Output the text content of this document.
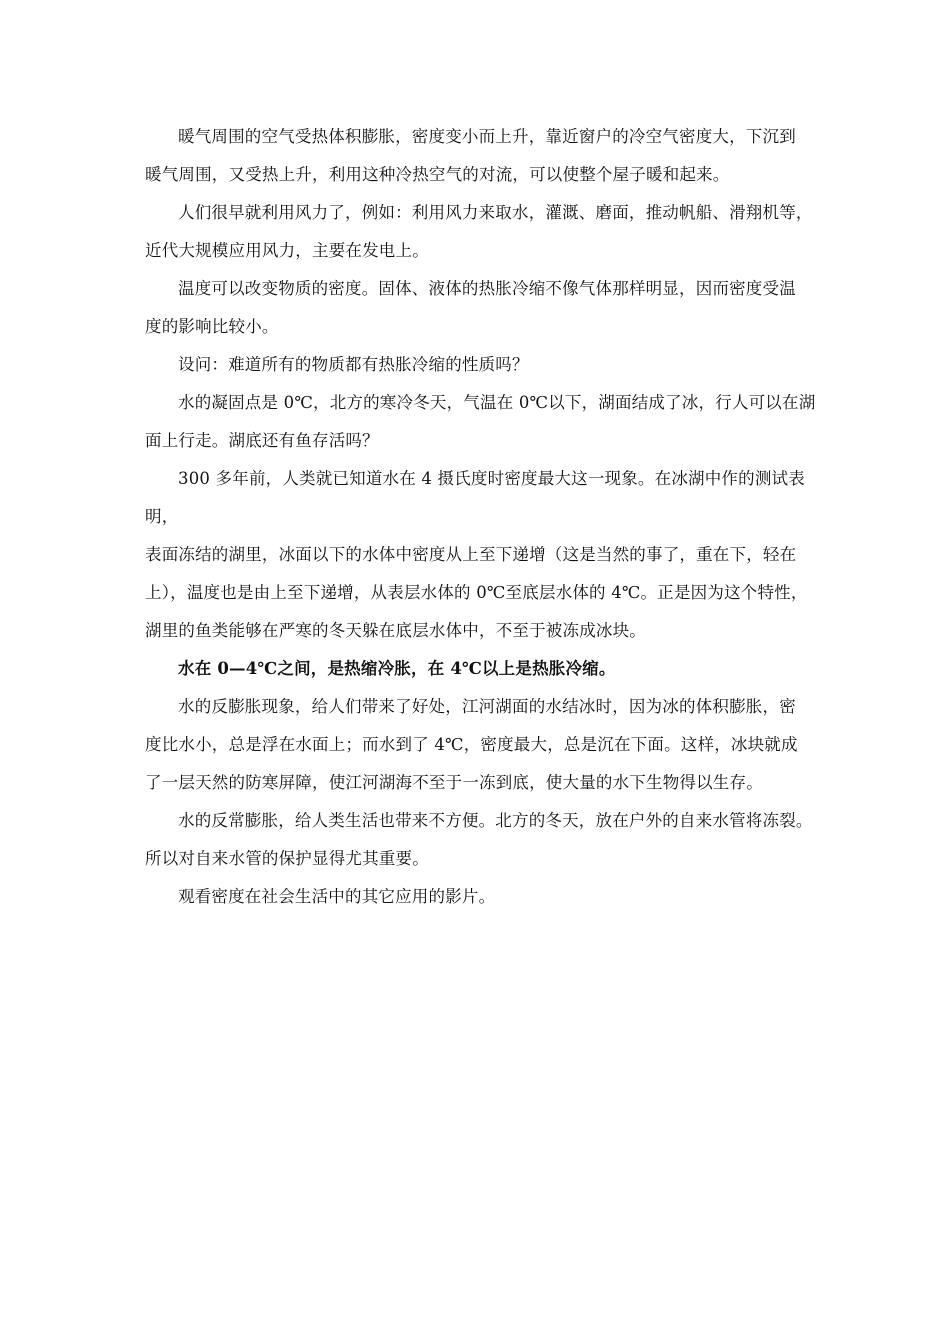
暖气周围的空气受热体积膨胀，密度变小而上升，靠近窗户的冷空气密度大，下沉到
暖气周围，又受热上升，利用这种冷热空气的对流，可以使整个屋子暖和起来。

人们很早就利用风力了，例如：利用风力来取水，灌溉、磨面，推动帆船、滑翔机等，
近代大规模应用风力，主要在发电上。

温度可以改变物质的密度。固体、液体的热胀冷缩不像气体那样明显，因而密度受温
度的影响比较小。

设问：难道所有的物质都有热胀冷缩的性质吗？

水的凝固点是 0℃，北方的寒冷冬天，气温在 0℃以下，湖面结成了冰，行人可以在湖
面上行走。湖底还有鱼存活吗？

300 多年前，人类就已知道水在 4 摄氏度时密度最大这一现象。在冰湖中作的测试表明，
表面冻结的湖里，冰面以下的水体中密度从上至下递增（这是当然的事了，重在下，轻在
上），温度也是由上至下递增，从表层水体的 0℃至底层水体的 4℃。正是因为这个特性，
湖里的鱼类能够在严寒的冬天躲在底层水体中，不至于被冻成冰块。

水在 0—4℃之间，是热缩冷胀，在 4℃以上是热胀冷缩。

水的反膨胀现象，给人们带来了好处，江河湖面的水结冰时，因为冰的体积膨胀，密
度比水小，总是浮在水面上；而水到了 4℃，密度最大，总是沉在下面。这样，冰块就成
了一层天然的防寒屏障，使江河湖海不至于一冻到底，使大量的水下生物得以生存。

水的反常膨胀，给人类生活也带来不方便。北方的冬天，放在户外的自来水管将冻裂。
所以对自来水管的保护显得尤其重要。

观看密度在社会生活中的其它应用的影片。
